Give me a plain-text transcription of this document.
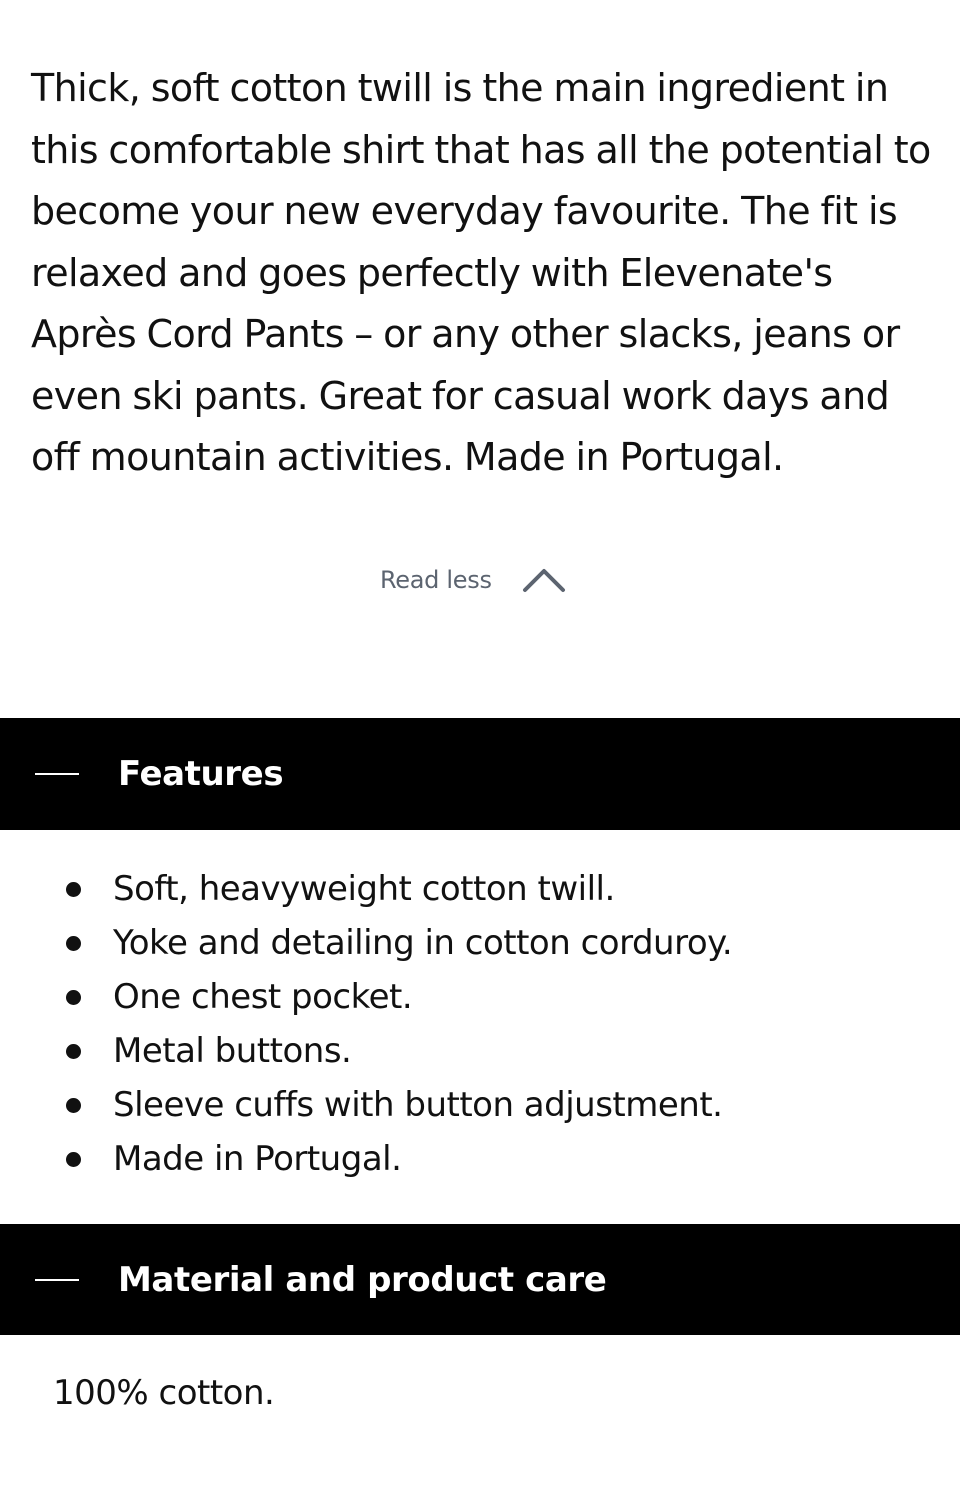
Thick, soft cotton twill is the main ingredient in this comfortable shirt that has all the potential to become your new everyday favourite. The fit is relaxed and goes perfectly with Elevenate's Après Cord Pants – or any other slacks, jeans or even ski pants. Great for casual work days and off mountain activities. Made in Portugal.

Read less
Features
Soft, heavyweight cotton twill.
Yoke and detailing in cotton corduroy.
One chest pocket.
Metal buttons.
Sleeve cuffs with button adjustment.
Made in Portugal.
Material and product care

100% cotton.
